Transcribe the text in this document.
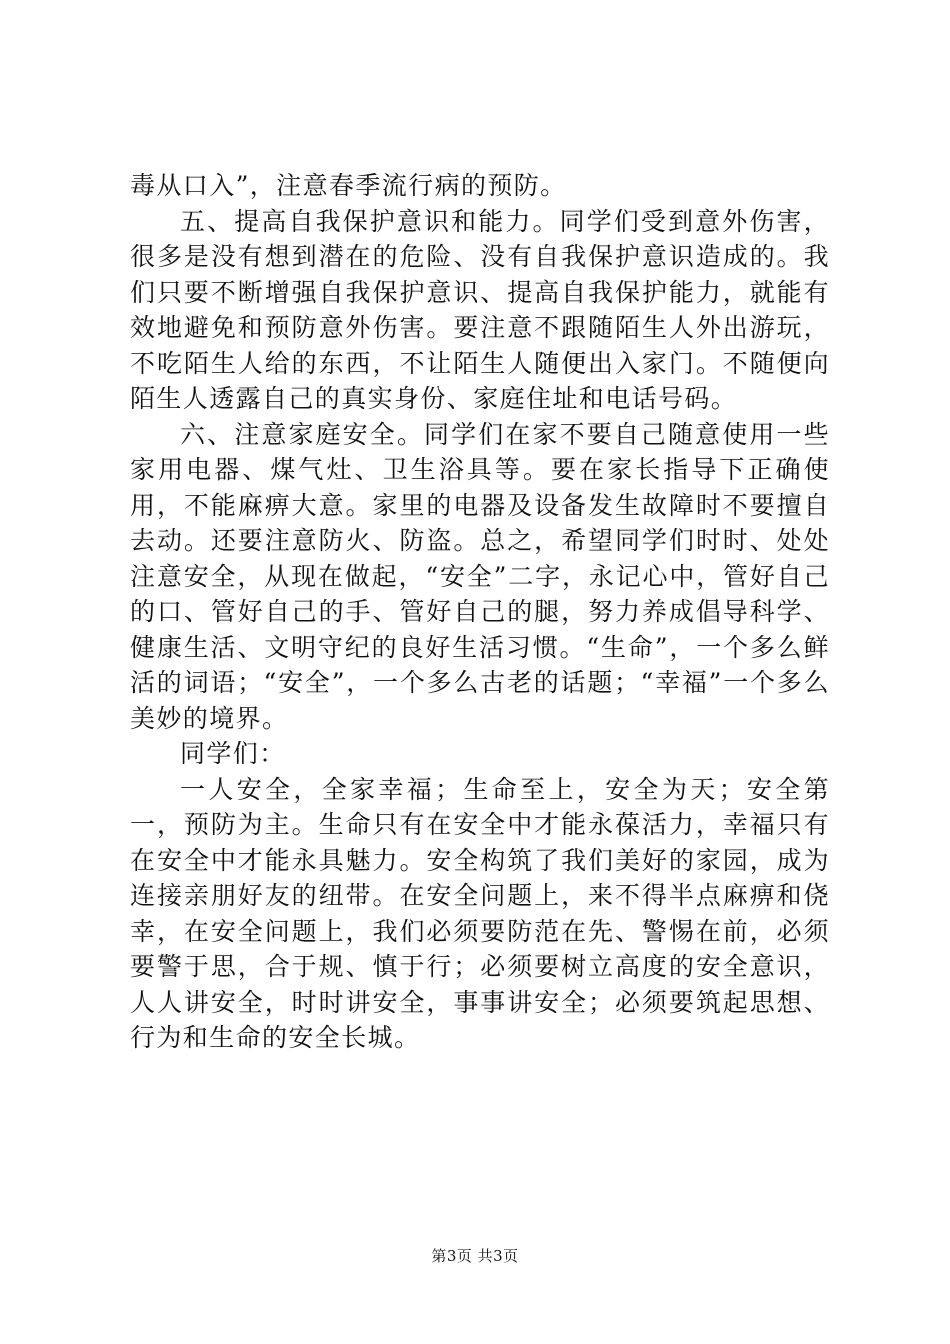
毒从口入”，注意春季流行病的预防。

五、提高自我保护意识和能力。同学们受到意外伤害，很多是没有想到潜在的危险、没有自我保护意识造成的。我们只要不断增强自我保护意识、提高自我保护能力，就能有效地避免和预防意外伤害。要注意不跟随陌生人外出游玩，不吃陌生人给的东西，不让陌生人随便出入家门。不随便向陌生人透露自己的真实身份、家庭住址和电话号码。

六、注意家庭安全。同学们在家不要自己随意使用一些家用电器、煤气灶、卫生浴具等。要在家长指导下正确使用，不能麻痹大意。家里的电器及设备发生故障时不要擅自去动。还要注意防火、防盗。总之，希望同学们时时、处处注意安全，从现在做起，“安全”二字，永记心中，管好自己的口、管好自己的手、管好自己的腿，努力养成倡导科学、健康生活、文明守纪的良好生活习惯。“生命”，一个多么鲜活的词语；“安全”，一个多么古老的话题；“幸福”一个多么美妙的境界。

同学们：

一人安全，全家幸福；生命至上，安全为天；安全第一，预防为主。生命只有在安全中才能永葆活力，幸福只有在安全中才能永具魅力。安全构筑了我们美好的家园，成为连接亲朋好友的纽带。在安全问题上，来不得半点麻痹和侥幸，在安全问题上，我们必须要防范在先、警惕在前，必须要警于思，合于规、慎于行；必须要树立高度的安全意识，人人讲安全，时时讲安全，事事讲安全；必须要筑起思想、行为和生命的安全长城。

第3页 共3页
